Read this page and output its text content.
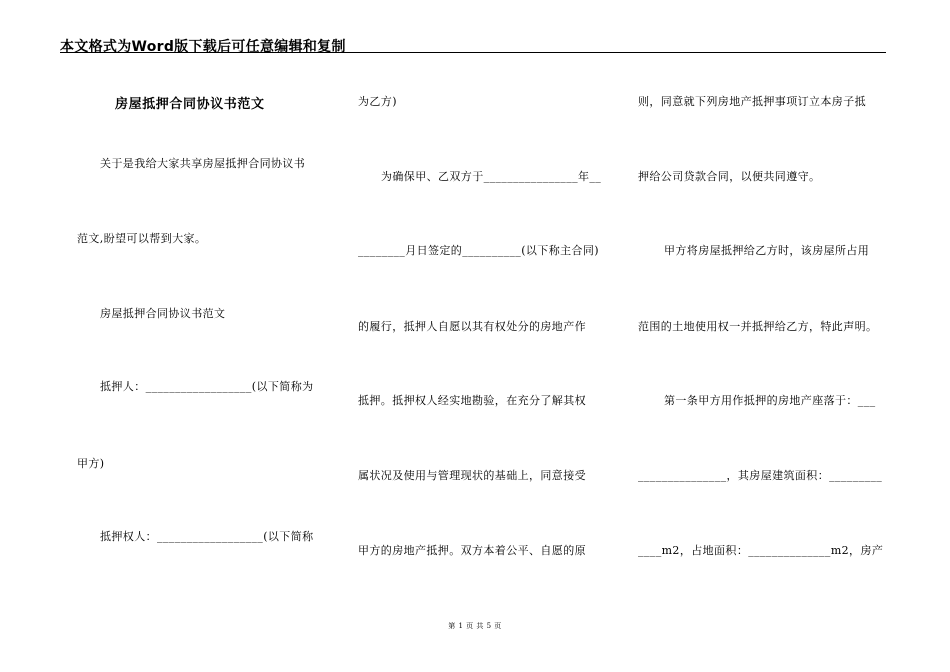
本文格式为Word版下载后可任意编辑和复制
房屋抵押合同协议书范文
关于是我给大家共享房屋抵押合同协议书
范文,盼望可以帮到大家。
房屋抵押合同协议书范文
抵押人：__________________(以下简称为
甲方)
抵押权人：__________________(以下简称
为乙方)
为确保甲、乙双方于________________年__
________月日签定的__________(以下称主合同)
的履行，抵押人自愿以其有权处分的房地产作
抵押。抵押权人经实地勘验，在充分了解其权
属状况及使用与管理现状的基础上，同意接受
甲方的房地产抵押。双方本着公平、自愿的原
则，同意就下列房地产抵押事项订立本房子抵
押给公司贷款合同，以便共同遵守。
甲方将房屋抵押给乙方时，该房屋所占用
范围的土地使用权一并抵押给乙方，特此声明。
第一条甲方用作抵押的房地产座落于：___
_______________，其房屋建筑面积：_________
____m2，占地面积：______________m2，房产
第 1 页 共 5 页
